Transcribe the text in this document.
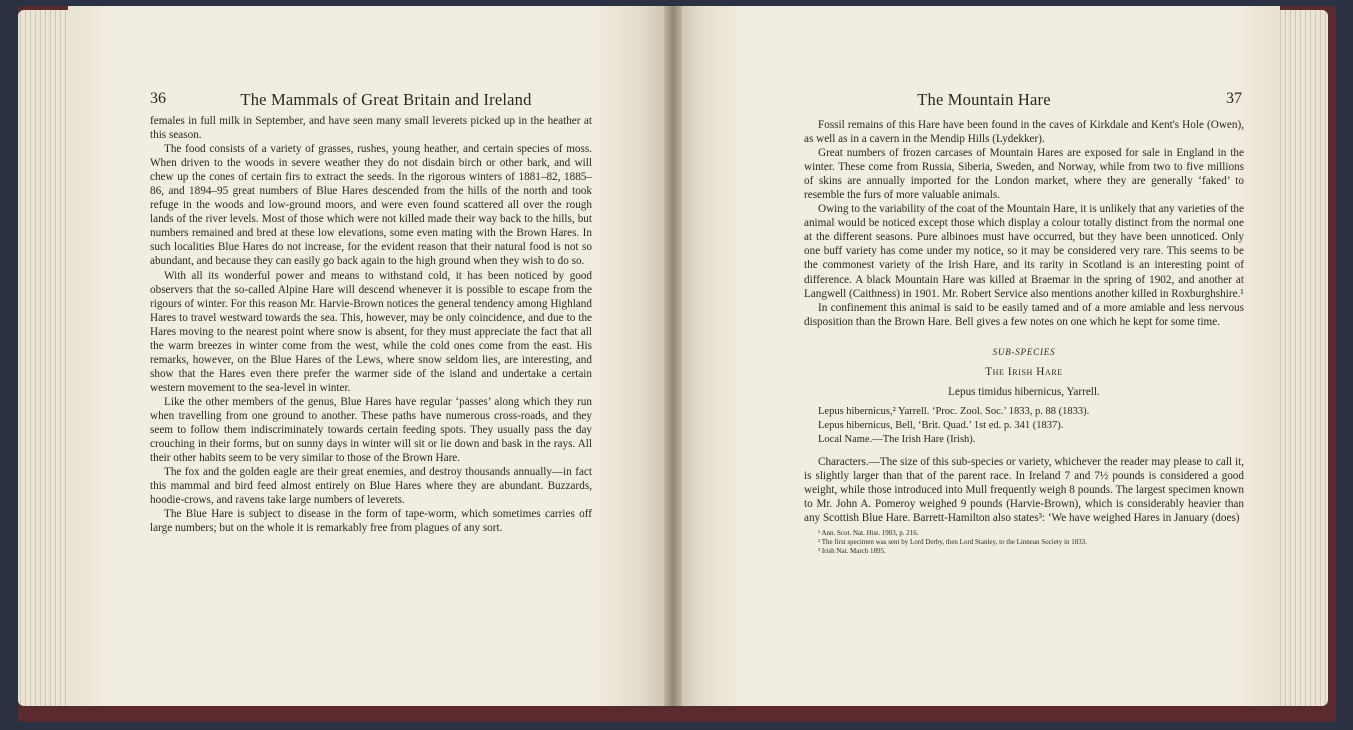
36	The Mammals of Great Britain and Ireland

females in full milk in September, and have seen many small leverets picked up in the heather at this season.

The food consists of a variety of grasses, rushes, young heather, and certain species of moss. When driven to the woods in severe weather they do not disdain birch or other bark, and will chew up the cones of certain firs to extract the seeds. In the rigorous winters of 1881–82, 1885–86, and 1894–95 great numbers of Blue Hares descended from the hills of the north and took refuge in the woods and low-ground moors, and were even found scattered all over the rough lands of the river levels. Most of those which were not killed made their way back to the hills, but numbers remained and bred at these low elevations, some even mating with the Brown Hares. In such localities Blue Hares do not increase, for the evident reason that their natural food is not so abundant, and because they can easily go back again to the high ground when they wish to do so.

With all its wonderful power and means to withstand cold, it has been noticed by good observers that the so-called Alpine Hare will descend whenever it is possible to escape from the rigours of winter. For this reason Mr. Harvie-Brown notices the general tendency among Highland Hares to travel westward towards the sea. This, however, may be only coincidence, and due to the Hares moving to the nearest point where snow is absent, for they must appreciate the fact that all the warm breezes in winter come from the west, while the cold ones come from the east. His remarks, however, on the Blue Hares of the Lews, where snow seldom lies, are interesting, and show that the Hares even there prefer the warmer side of the island and undertake a certain western movement to the sea-level in winter.

Like the other members of the genus, Blue Hares have regular ‘passes’ along which they run when travelling from one ground to another. These paths have numerous cross-roads, and they seem to follow them indiscriminately towards certain feeding spots. They usually pass the day crouching in their forms, but on sunny days in winter will sit or lie down and bask in the rays. All their other habits seem to be very similar to those of the Brown Hare.

The fox and the golden eagle are their great enemies, and destroy thousands annually—in fact this mammal and bird feed almost entirely on Blue Hares where they are abundant. Buzzards, hoodie-crows, and ravens take large numbers of leverets.

The Blue Hare is subject to disease in the form of tape-worm, which sometimes carries off large numbers; but on the whole it is remarkably free from plagues of any sort.

The Mountain Hare	37

Fossil remains of this Hare have been found in the caves of Kirkdale and Kent's Hole (Owen), as well as in a cavern in the Mendip Hills (Lydekker).

Great numbers of frozen carcases of Mountain Hares are exposed for sale in England in the winter. These come from Russia, Siberia, Sweden, and Norway, while from two to five millions of skins are annually imported for the London market, where they are generally ‘faked’ to resemble the furs of more valuable animals.

Owing to the variability of the coat of the Mountain Hare, it is unlikely that any varieties of the animal would be noticed except those which display a colour totally distinct from the normal one at the different seasons. Pure albinoes must have occurred, but they have been unnoticed. Only one buff variety has come under my notice, so it may be considered very rare. This seems to be the commonest variety of the Irish Hare, and its rarity in Scotland is an interesting point of difference. A black Mountain Hare was killed at Braemar in the spring of 1902, and another at Langwell (Caithness) in 1901. Mr. Robert Service also mentions another killed in Roxburghshire.¹

In confinement this animal is said to be easily tamed and of a more amiable and less nervous disposition than the Brown Hare. Bell gives a few notes on one which he kept for some time.

SUB-SPECIES

The Irish Hare

Lepus timidus hibernicus, Yarrell.

Lepus hibernicus,² Yarrell. ‘Proc. Zool. Soc.’ 1833, p. 88 (1833).

Lepus hibernicus, Bell, ‘Brit. Quad.’ 1st ed. p. 341 (1837).

Local Name.—The Irish Hare (Irish).

Characters.—The size of this sub-species or variety, whichever the reader may please to call it, is slightly larger than that of the parent race. In Ireland 7 and 7½ pounds is considered a good weight, while those introduced into Mull frequently weigh 8 pounds. The largest specimen known to Mr. John A. Pomeroy weighed 9 pounds (Harvie-Brown), which is considerably heavier than any Scottish Blue Hare. Barrett-Hamilton also states³: ‘We have weighed Hares in January (does)

¹ Ann. Scot. Nat. Hist. 1903, p. 216.

² The first specimen was sent by Lord Derby, then Lord Stanley, to the Linnean Society in 1833.

³ Irish Nat. March 1895.
